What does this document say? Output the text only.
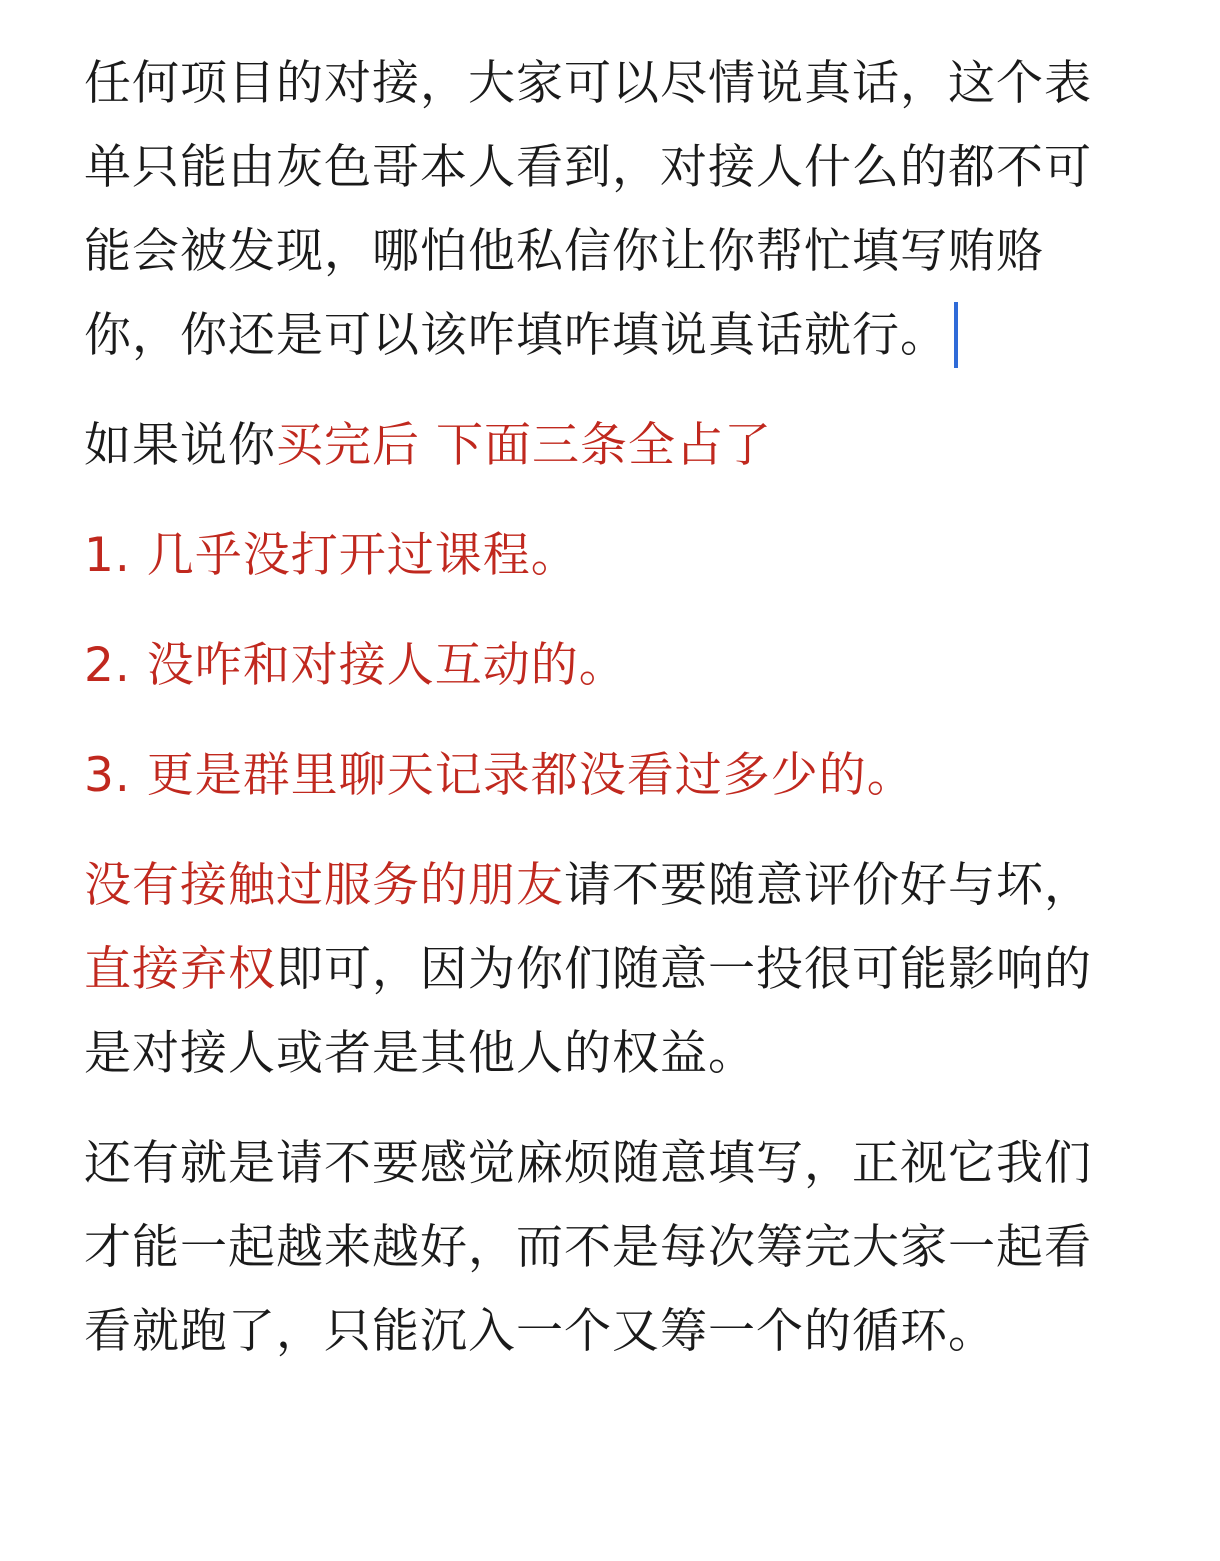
任何项目的对接，大家可以尽情说真话，这个表单只能由灰色哥本人看到，对接人什么的都不可能会被发现，哪怕他私信你让你帮忙填写贿赂你，你还是可以该咋填咋填说真话就行。

如果说你买完后 下面三条全占了

1. 几乎没打开过课程。

2. 没咋和对接人互动的。

3. 更是群里聊天记录都没看过多少的。

没有接触过服务的朋友请不要随意评价好与坏，直接弃权即可，因为你们随意一投很可能影响的是对接人或者是其他人的权益。

还有就是请不要感觉麻烦随意填写，正视它我们才能一起越来越好，而不是每次筹完大家一起看看就跑了，只能沉入一个又筹一个的循环。
